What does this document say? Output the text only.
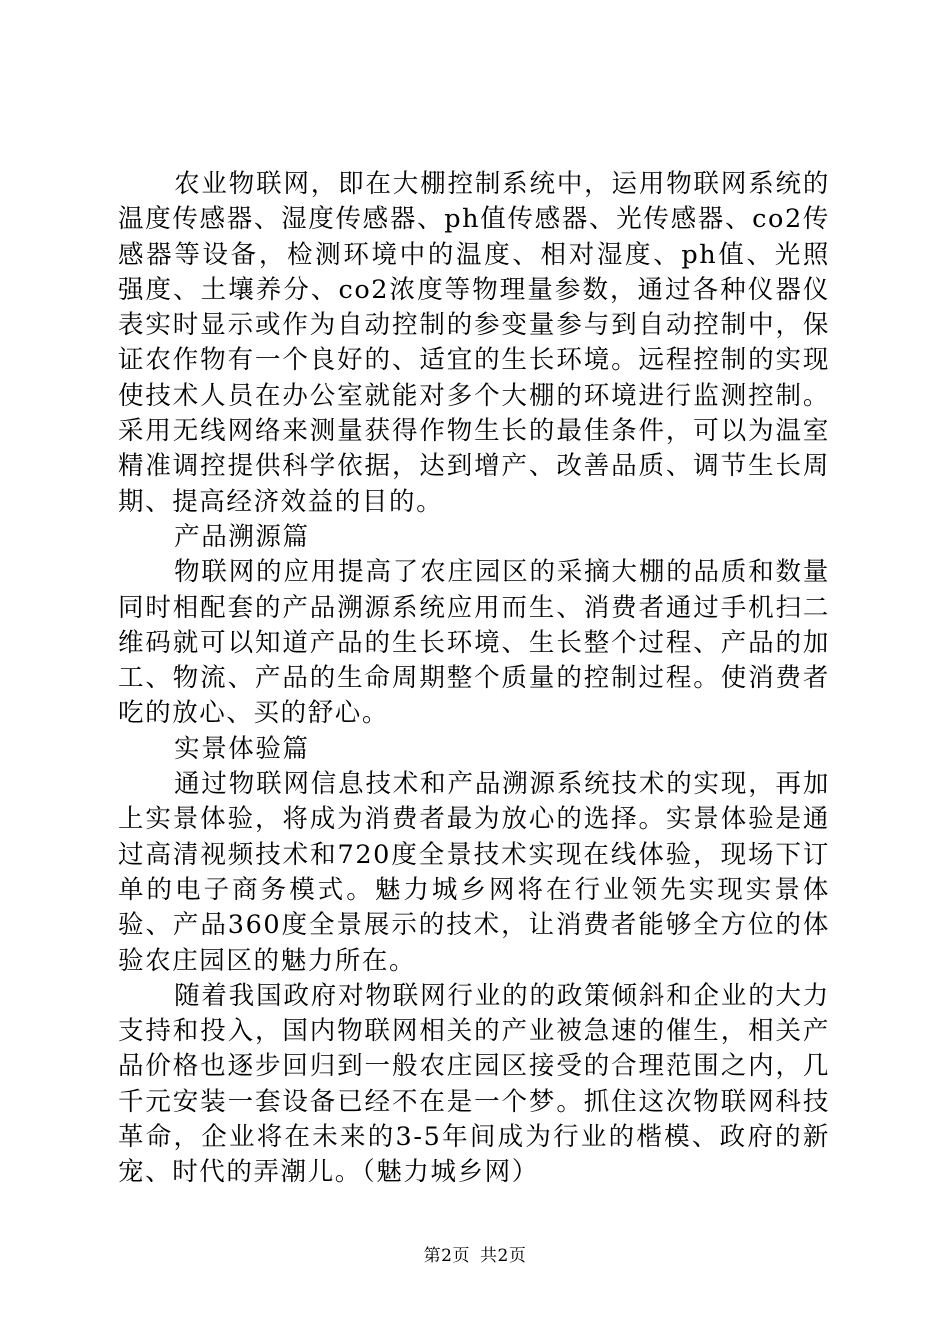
农业物联网，即在大棚控制系统中，运用物联网系统的温度传感器、湿度传感器、ph值传感器、光传感器、co2传感器等设备，检测环境中的温度、相对湿度、ph值、光照强度、土壤养分、co2浓度等物理量参数，通过各种仪器仪表实时显示或作为自动控制的参变量参与到自动控制中，保证农作物有一个良好的、适宜的生长环境。远程控制的实现使技术人员在办公室就能对多个大棚的环境进行监测控制。采用无线网络来测量获得作物生长的最佳条件，可以为温室精准调控提供科学依据，达到增产、改善品质、调节生长周期、提高经济效益的目的。

产品溯源篇

物联网的应用提高了农庄园区的采摘大棚的品质和数量同时相配套的产品溯源系统应用而生、消费者通过手机扫二维码就可以知道产品的生长环境、生长整个过程、产品的加工、物流、产品的生命周期整个质量的控制过程。使消费者吃的放心、买的舒心。

实景体验篇

通过物联网信息技术和产品溯源系统技术的实现，再加上实景体验，将成为消费者最为放心的选择。实景体验是通过高清视频技术和720度全景技术实现在线体验，现场下订单的电子商务模式。魅力城乡网将在行业领先实现实景体验、产品360度全景展示的技术，让消费者能够全方位的体验农庄园区的魅力所在。

随着我国政府对物联网行业的的政策倾斜和企业的大力支持和投入，国内物联网相关的产业被急速的催生，相关产品价格也逐步回归到一般农庄园区接受的合理范围之内，几千元安装一套设备已经不在是一个梦。抓住这次物联网科技革命，企业将在未来的3-5年间成为行业的楷模、政府的新宠、时代的弄潮儿。（魅力城乡网）

第2页 共2页
